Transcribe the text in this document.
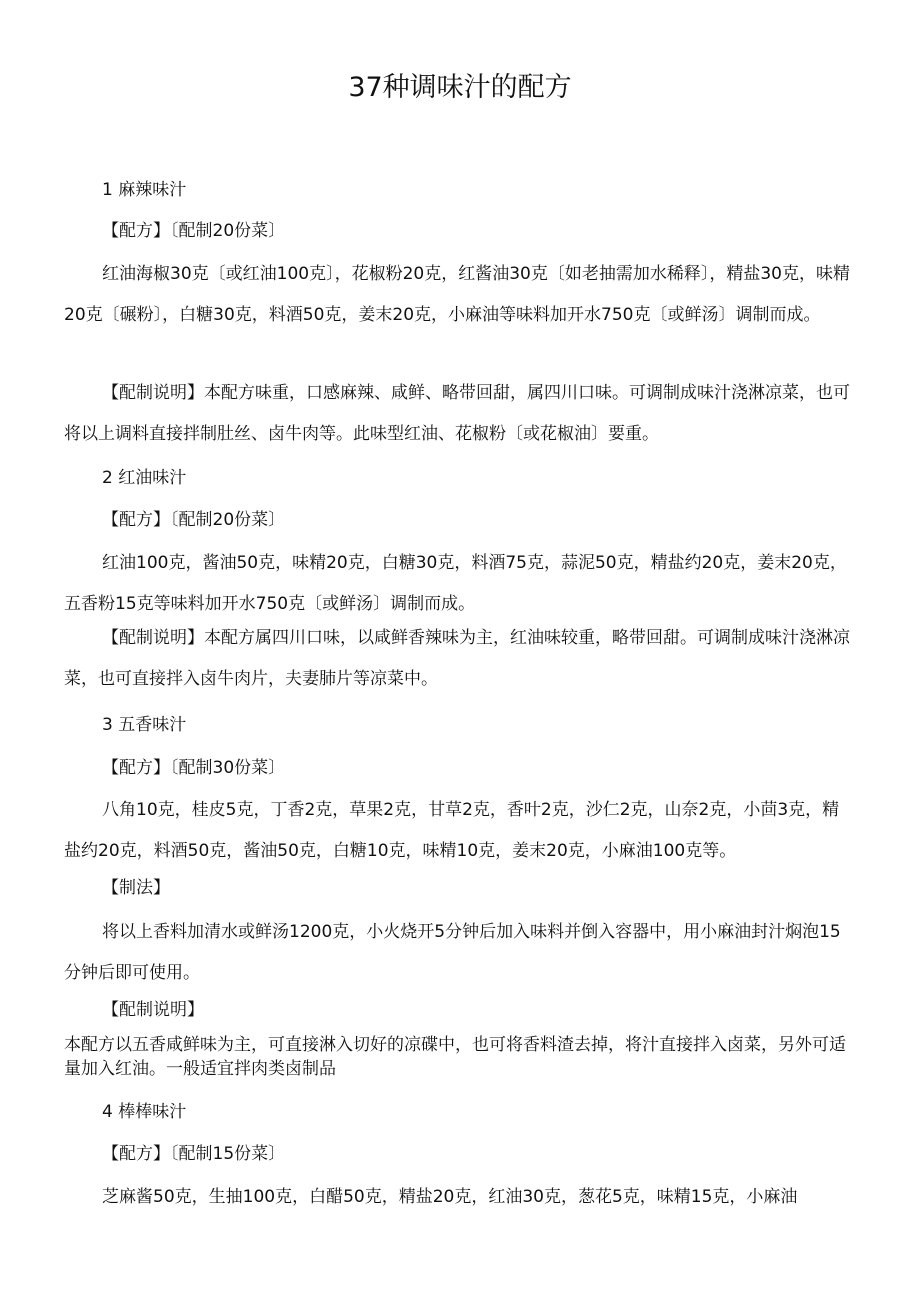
37种调味汁的配方
1 麻辣味汁
【配方】〔配制20份菜〕
红油海椒30克〔或红油100克〕，花椒粉20克，红酱油30克〔如老抽需加水稀释〕，精盐30克，味精20克〔碾粉〕，白糖30克，料酒50克，姜末20克，小麻油等味料加开水750克〔或鲜汤〕调制而成。
【配制说明】本配方味重，口感麻辣、咸鲜、略带回甜，属四川口味。可调制成味汁浇淋凉菜，也可将以上调料直接拌制肚丝、卤牛肉等。此味型红油、花椒粉〔或花椒油〕要重。
2 红油味汁
【配方】〔配制20份菜〕
红油100克，酱油50克，味精20克，白糖30克，料酒75克，蒜泥50克，精盐约20克，姜末20克，五香粉15克等味料加开水750克〔或鲜汤〕调制而成。
【配制说明】本配方属四川口味，以咸鲜香辣味为主，红油味较重，略带回甜。可调制成味汁浇淋凉菜，也可直接拌入卤牛肉片，夫妻肺片等凉菜中。
3 五香味汁
【配方】〔配制30份菜〕
八角10克，桂皮5克，丁香2克，草果2克，甘草2克，香叶2克，沙仁2克，山奈2克，小茴3克，精盐约20克，料酒50克，酱油50克，白糖10克，味精10克，姜末20克，小麻油100克等。
【制法】
将以上香料加清水或鲜汤1200克，小火烧开5分钟后加入味料并倒入容器中，用小麻油封汁焖泡15分钟后即可使用。
【配制说明】
本配方以五香咸鲜味为主，可直接淋入切好的凉碟中，也可将香料渣去掉，将汁直接拌入卤菜，另外可适量加入红油。一般适宜拌肉类卤制品
4 棒棒味汁
【配方】〔配制15份菜〕
芝麻酱50克，生抽100克，白醋50克，精盐20克，红油30克，葱花5克，味精15克，小麻油
